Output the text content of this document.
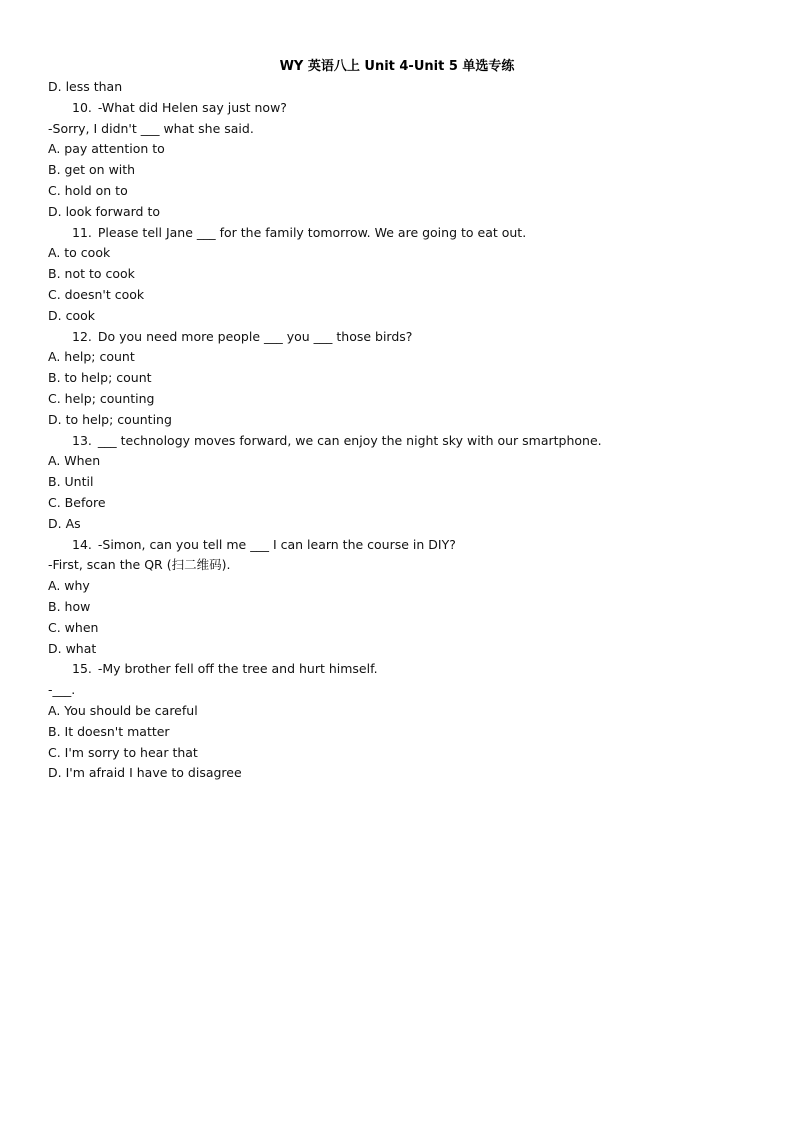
WY 英语八上 Unit 4-Unit 5 单选专练
D. less than
10. -What did Helen say just now?
-Sorry, I didn't ___ what she said.
A. pay attention to
B. get on with
C. hold on to
D. look forward to
11. Please tell Jane ___ for the family tomorrow. We are going to eat out.
A. to cook
B. not to cook
C. doesn't cook
D. cook
12. Do you need more people ___ you ___ those birds?
A. help; count
B. to help; count
C. help; counting
D. to help; counting
13. ___ technology moves forward, we can enjoy the night sky with our smartphone.
A. When
B. Until
C. Before
D. As
14. -Simon, can you tell me ___ I can learn the course in DIY?
-First, scan the QR (扫二维码).
A. why
B. how
C. when
D. what
15. -My brother fell off the tree and hurt himself.
-___.
A. You should be careful
B. It doesn't matter
C. I'm sorry to hear that
D. I'm afraid I have to disagree
